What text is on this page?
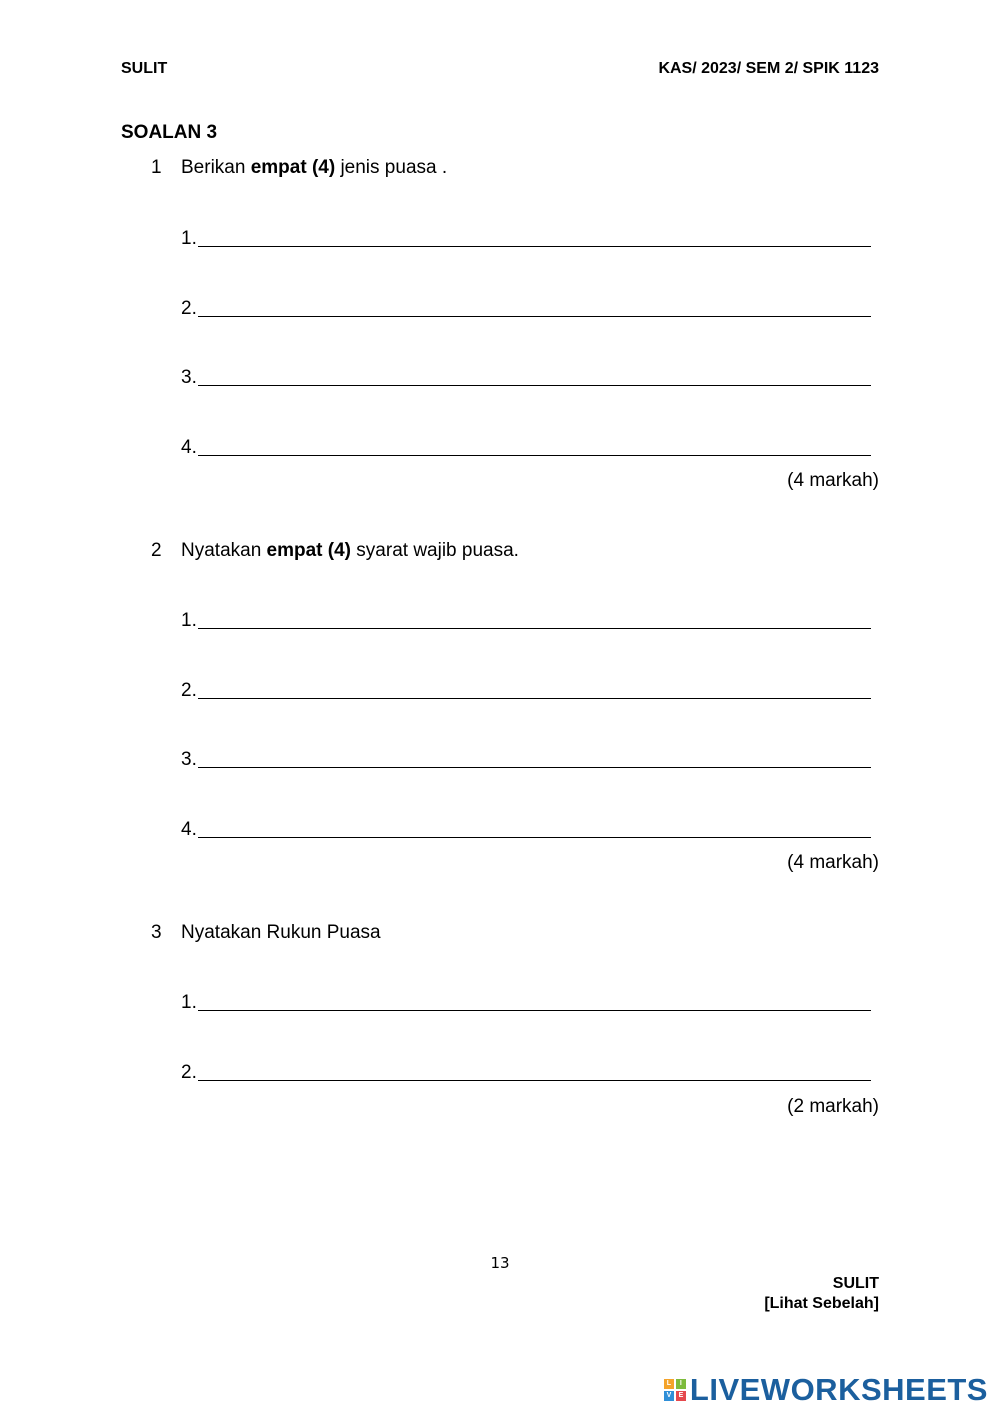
SULIT	KAS/ 2023/ SEM 2/ SPIK 1123
SOALAN 3
1 Berikan empat (4) jenis puasa .
1.
2.
3.
4.
(4 markah)
2 Nyatakan empat (4) syarat wajib puasa.
1.
2.
3.
4.
(4 markah)
3 Nyatakan Rukun Puasa
1.
2.
(2 markah)
13
SULIT
[Lihat Sebelah]
L	I
V	E LIVEWORKSHEETS
